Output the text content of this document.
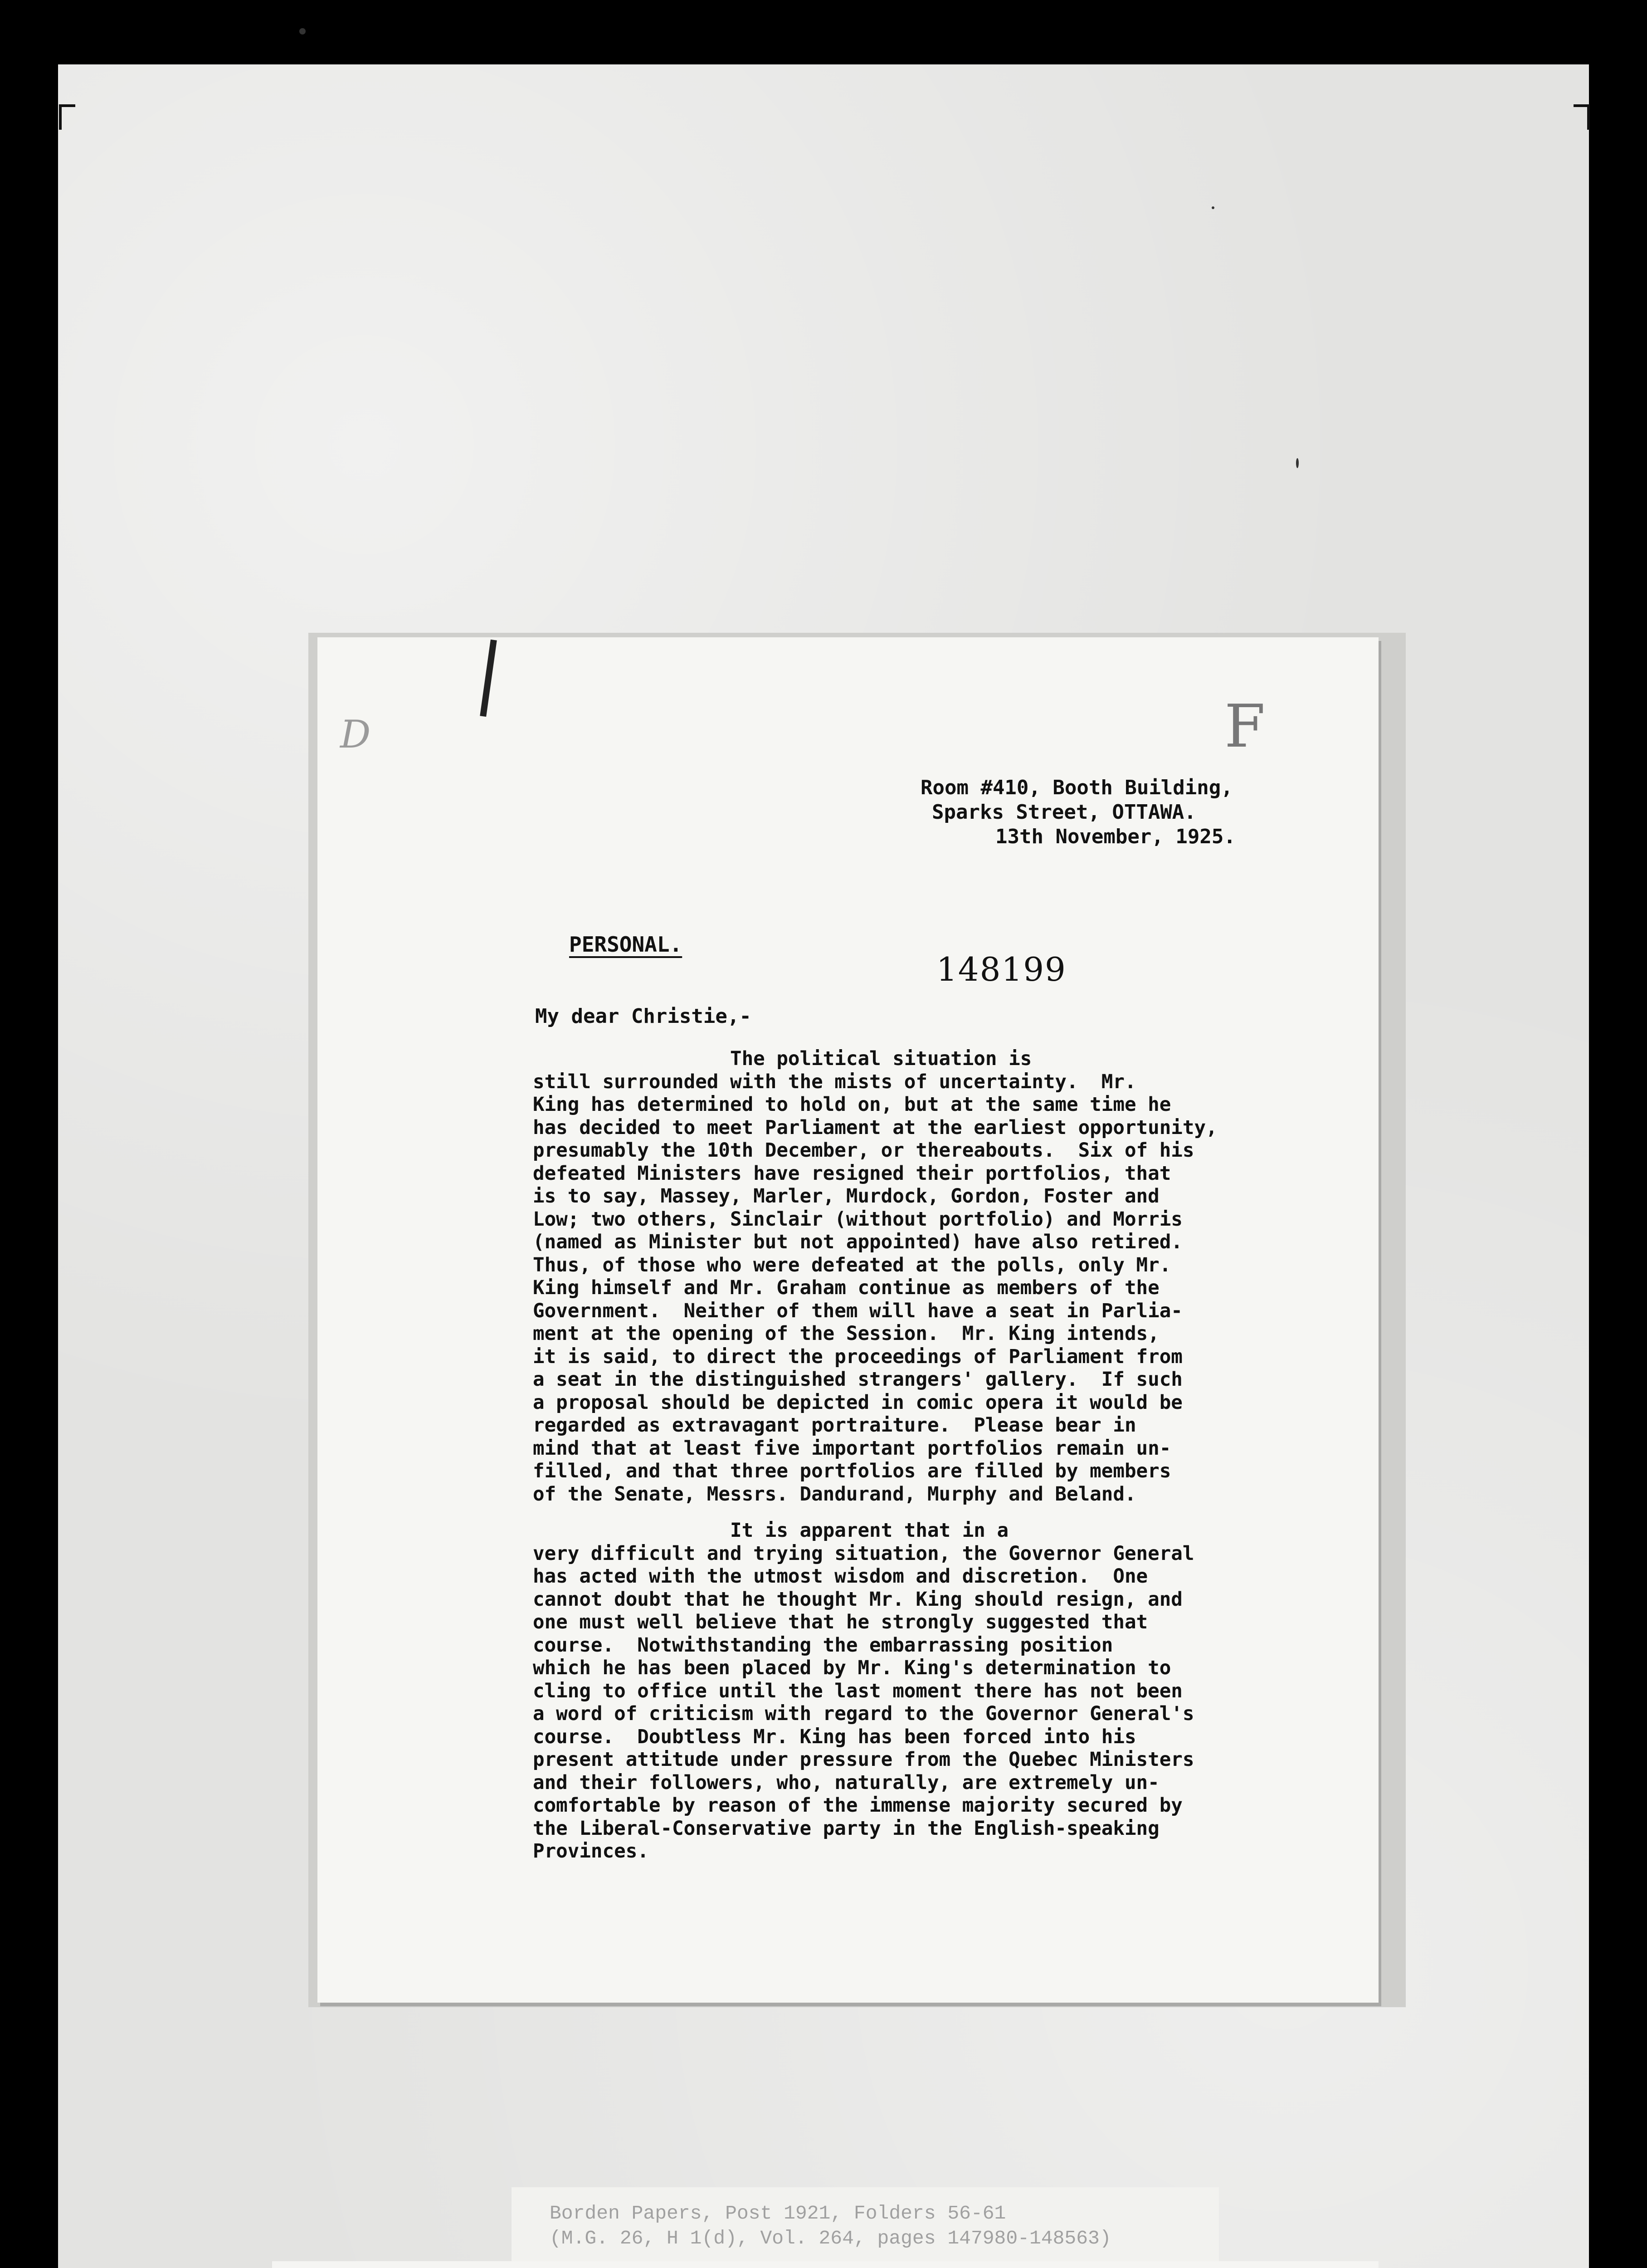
D	F
Room #410, Booth Building,
Sparks Street, OTTAWA.
13th November, 1925.
PERSONAL.
148199
My dear Christie,-
The political situation is
still surrounded with the mists of uncertainty.  Mr.
King has determined to hold on, but at the same time he
has decided to meet Parliament at the earliest opportunity,
presumably the 10th December, or thereabouts.  Six of his
defeated Ministers have resigned their portfolios, that
is to say, Massey, Marler, Murdock, Gordon, Foster and
Low; two others, Sinclair (without portfolio) and Morris
(named as Minister but not appointed) have also retired.
Thus, of those who were defeated at the polls, only Mr.
King himself and Mr. Graham continue as members of the
Government.  Neither of them will have a seat in Parlia-
ment at the opening of the Session.  Mr. King intends,
it is said, to direct the proceedings of Parliament from
a seat in the distinguished strangers' gallery.  If such
a proposal should be depicted in comic opera it would be
regarded as extravagant portraiture.  Please bear in
mind that at least five important portfolios remain un-
filled, and that three portfolios are filled by members
of the Senate, Messrs. Dandurand, Murphy and Beland.
It is apparent that in a
very difficult and trying situation, the Governor General
has acted with the utmost wisdom and discretion.  One
cannot doubt that he thought Mr. King should resign, and
one must well believe that he strongly suggested that
course.  Notwithstanding the embarrassing position
which he has been placed by Mr. King's determination to
cling to office until the last moment there has not been
a word of criticism with regard to the Governor General's
course.  Doubtless Mr. King has been forced into his
present attitude under pressure from the Quebec Ministers
and their followers, who, naturally, are extremely un-
comfortable by reason of the immense majority secured by
the Liberal-Conservative party in the English-speaking
Provinces.
Borden Papers, Post 1921, Folders 56-61
(M.G. 26, H 1(d), Vol. 264, pages 147980-148563)
